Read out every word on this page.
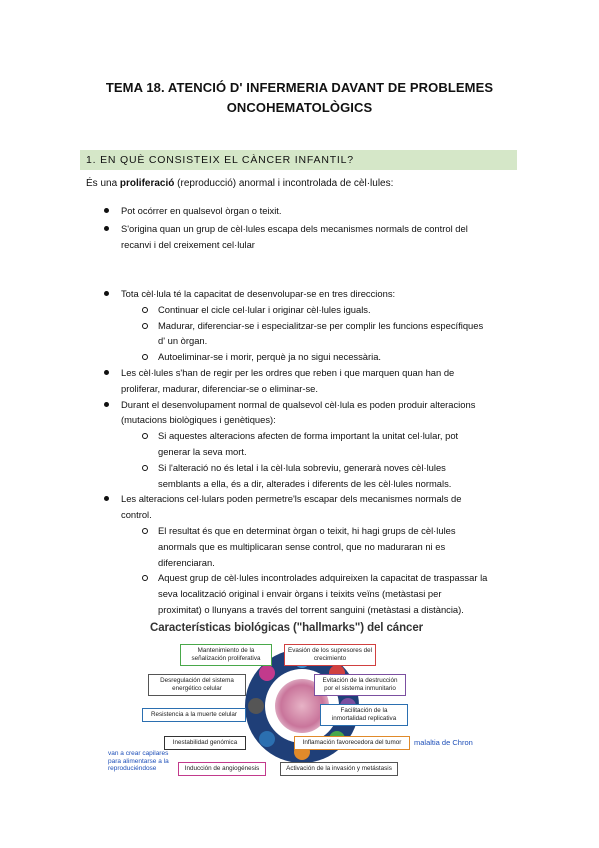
TEMA 18. ATENCIÓ D' INFERMERIA DAVANT DE PROBLEMES
ONCOHEMATOLÒGICS
1. EN QUÈ CONSISTEIX EL CÀNCER INFANTIL?
És una proliferació (reproducció) anormal i incontrolada de cèl·lules:
Pot ocórrer en qualsevol òrgan o teixit.
S'origina quan un grup de cèl·lules escapa dels mecanismes normals de control del
recanvi i del creixement cel·lular
Tota cèl·lula té la capacitat de desenvolupar-se en tres direccions:
Continuar el cicle cel·lular i originar cèl·lules iguals.
Madurar, diferenciar-se i especialitzar-se per complir les funcions específiques
d' un òrgan.
Autoeliminar-se i morir, perquè ja no sigui necessària.
Les cèl·lules s'han de regir per les ordres que reben i que marquen quan han de
proliferar, madurar, diferenciar-se o eliminar-se.
Durant el desenvolupament normal de qualsevol cèl·lula es poden produir alteracions
(mutacions biològiques i genètiques):
Si aquestes alteracions afecten de forma important la unitat cel·lular, pot
generar la seva mort.
Si l'alteració no és letal i la cèl·lula sobreviu, generarà noves cèl·lules
semblants a ella, és a dir, alterades i diferents de les cèl·lules normals.
Les alteracions cel·lulars poden permetre'ls escapar dels mecanismes normals de
control.
El resultat és que en determinat òrgan o teixit, hi hagi grups de cèl·lules
anormals que es multiplicaran sense control, que no maduraran ni es
diferenciaran.
Aquest grup de cèl·lules incontrolades adquireixen la capacitat de traspassar la
seva localització original i envair òrgans i teixits veïns (metàstasi per
proximitat) o llunyans a través del torrent sanguini (metàstasi a distància).
Características biológicas ("hallmarks") del cáncer
Mantenimiento de la señalización proliferativa
Evasión de los supresores del crecimiento
Desregulación del sistema energético celular
Evitación de la destrucción por el sistema inmunitario
Resistencia a la muerte celular
Facilitación de la inmortalidad replicativa
Inestabilidad genómica	Inflamación favorecedora del tumor
Inducción de angiogénesis	Activación de la invasión y metástasis
van a crear capilares para alimentarse a la reproduciéndose
malaltia de Chron
